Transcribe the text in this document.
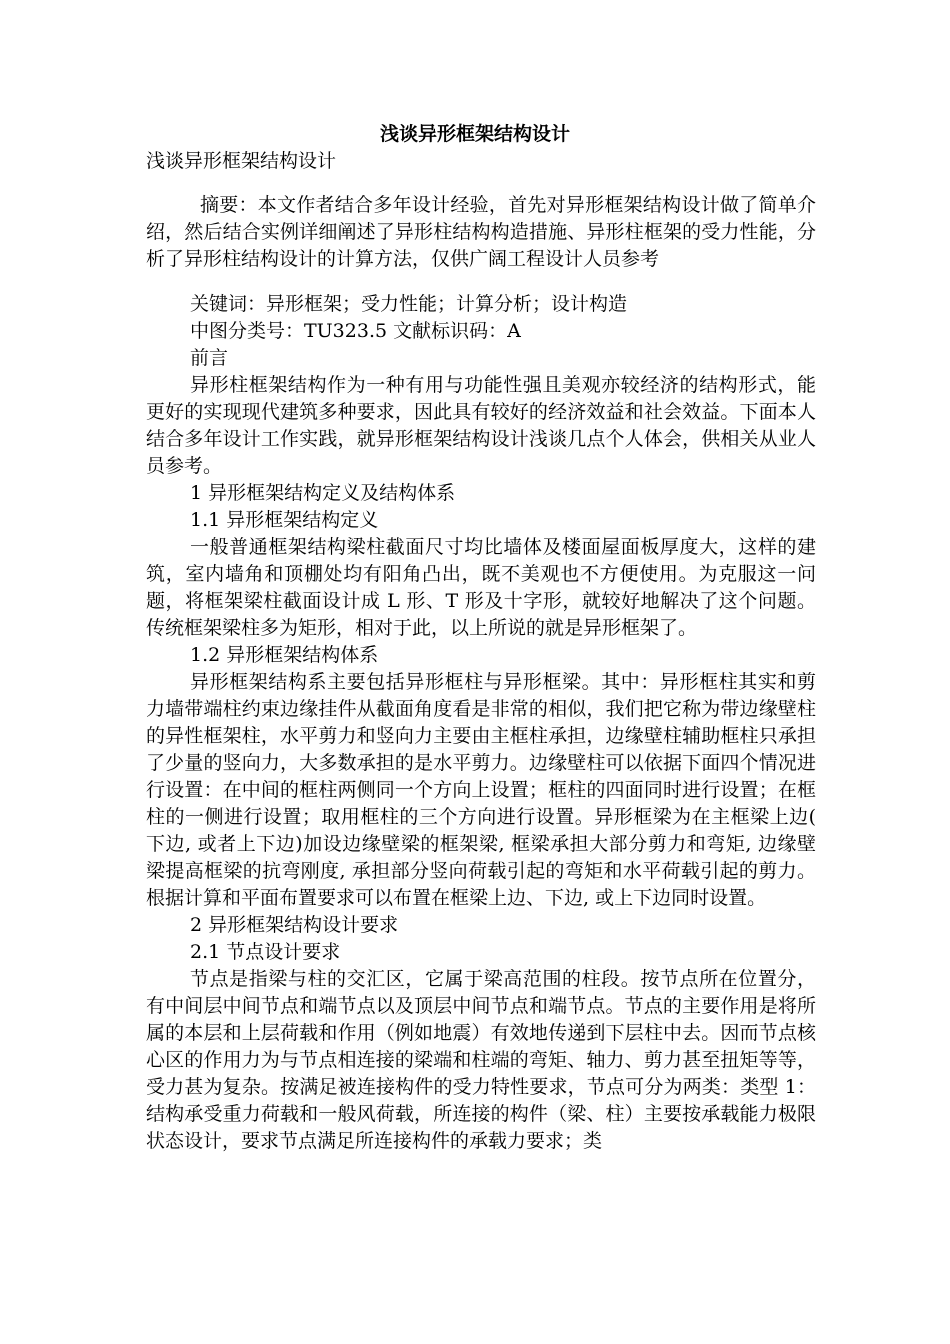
浅谈异形框架结构设计

浅谈异形框架结构设计

摘要：本文作者结合多年设计经验，首先对异形框架结构设计做了简单介绍，然后结合实例详细阐述了异形柱结构构造措施、异形柱框架的受力性能，分析了异形柱结构设计的计算方法，仅供广阔工程设计人员参考

关键词：异形框架；受力性能；计算分析；设计构造

中图分类号：TU323.5 文献标识码：A

前言

异形柱框架结构作为一种有用与功能性强且美观亦较经济的结构形式，能更好的实现现代建筑多种要求，因此具有较好的经济效益和社会效益。下面本人结合多年设计工作实践，就异形框架结构设计浅谈几点个人体会，供相关从业人员参考。

1 异形框架结构定义及结构体系

1.1 异形框架结构定义

一般普通框架结构梁柱截面尺寸均比墙体及楼面屋面板厚度大，这样的建筑，室内墙角和顶棚处均有阳角凸出，既不美观也不方便使用。为克服这一问题，将框架梁柱截面设计成 L 形、T 形及十字形，就较好地解决了这个问题。传统框架梁柱多为矩形，相对于此，以上所说的就是异形框架了。

1.2 异形框架结构体系

异形框架结构系主要包括异形框柱与异形框梁。其中：异形框柱其实和剪力墙带端柱约束边缘挂件从截面角度看是非常的相似，我们把它称为带边缘壁柱的异性框架柱，水平剪力和竖向力主要由主框柱承担，边缘壁柱辅助框柱只承担了少量的竖向力，大多数承担的是水平剪力。边缘壁柱可以依据下面四个情况进行设置：在中间的框柱两侧同一个方向上设置；框柱的四面同时进行设置；在框柱的一侧进行设置；取用框柱的三个方向进行设置。异形框梁为在主框梁上边( 下边, 或者上下边)加设边缘壁梁的框架梁, 框梁承担大部分剪力和弯矩, 边缘壁梁提高框梁的抗弯刚度, 承担部分竖向荷载引起的弯矩和水平荷载引起的剪力。根据计算和平面布置要求可以布置在框梁上边、下边, 或上下边同时设置。

2 异形框架结构设计要求

2.1 节点设计要求

节点是指梁与柱的交汇区，它属于梁高范围的柱段。按节点所在位置分，有中间层中间节点和端节点以及顶层中间节点和端节点。节点的主要作用是将所属的本层和上层荷载和作用（例如地震）有效地传递到下层柱中去。因而节点核心区的作用力为与节点相连接的梁端和柱端的弯矩、轴力、剪力甚至扭矩等等，受力甚为复杂。按满足被连接构件的受力特性要求，节点可分为两类：类型 1：结构承受重力荷载和一般风荷载，所连接的构件（梁、柱）主要按承载能力极限状态设计，要求节点满足所连接构件的承载力要求；类
